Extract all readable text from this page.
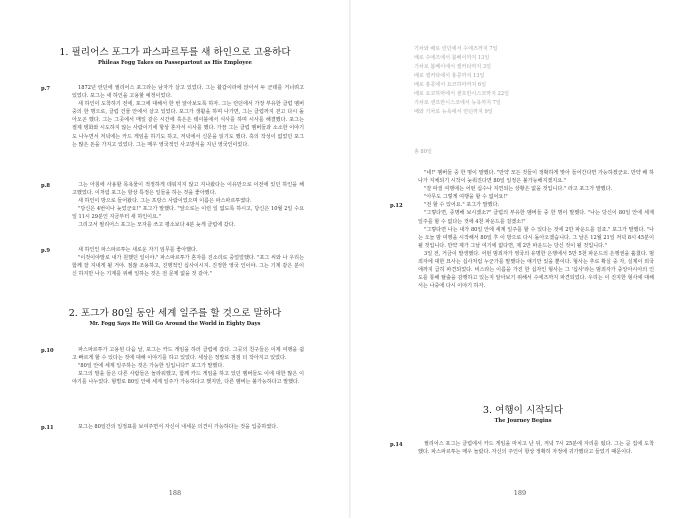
1. 필리어스 포그가 파스파르투를 새 하인으로 고용하다
Phileas Fogg Takes on Passepartout as His Employee
p.7	1872년 런던에 필리어스 포그라는 남자가 살고 있었다. 그는 활갑이라에 앉아서 두 군데를 거너려고 있었다. 포그는 새 하인을 고용할 예정이었다.

새 하인이 도착하기 전에, 포그에 대해서 한 번 알아보도록 하자. 그는 런던에서 가장 부유한 클럽 멤버 중의 한 명으로, 클럽 건물 안에서 살고 있었다. 포그가 생활을 하며 나가면, 그는 클럽까지 걷고 다시 돌아오곤 했다. 그는 그곳에서 매일 같은 시간에 혹은은 테이블에서 식사를 하며 시사를 해결했다. 포그는 절제 탱화와 시도하지 않는 사람이기에 항상 혼자서 시사를 했다. 가끔 그는 클럽 멤버들과 소소한 이야기도 나누면서 저녁에는 카드 게임을 하기도 하고, 저녁에서 신문을 읽기도 했다. 혹의 작성이 없었던 포그는 많은 돈을 가지고 있었다. 그는 매우 영국적인 사고방식을 지닌 영국인이었다.

p.8	그는 아침에 사용할 목욕물이 적정하게 데워지지 않고 지나왔다는 이유만으로 이전에 있던 하인을 해고했었다. 이처럼 포그는 항상 특정은 일들을 하는 것을 좋아했다.

새 하인이 방으로 들어왔다. 그는 프랑스 사람이었으며 이름은 파스파르투였다.

"당신은 4번이나 늦었군요!" 포그가 말했다. "앞으로는 이런 일 없도록 하시고, 당신은 10월 2일 수요일 11시 29분인 지금부터 새 하인이요."

그리고서 필리어스 포그는 모자를 쓰고 평소보다 4분 늦게 클럽에 갔다.

p.9	새 하인인 파스파르투는 새로운 자기 임무를 좋아했다.

"이것이야말로 내가 원했던 일이야." 파스파르투가 혼자를 진소리로 중얼얼했다. "포그 씨와 나 우리는 함께 잘 지내게 될 거야. 점잖 조용하고, 진행적인 십사이시지. 진정한 영국 인이야. 그는 기계 같은 분이신 하지만 나는 기계를 위해 일하는 것은 전 문제 없을 것 같아."

2. 포그가 80일 동안 세계 일주를 할 것으로 말하다
Mr. Fogg Says He Will Go Around the World in Eighty Days
p.10	파스파르투가 고용된 다음 날, 포그는 카드 게임을 하러 클럽에 갔다. 그곳의 친구들은 이제 여행을 쉽고 빠르게 할 수 있다는 것에 대해 이야기를 하고 있었다. 세상은 정말로 점점 더 작아지고 있었다.

"80일 안에 세계 일주하는 것은 가능한 일입니다!" 포그가 말했다.

포그의 말을 들은 다른 사람들은 놀라워했고, 함께 카드 게임을 하고 있던 멤버들도 이에 대한 많은 이야기를 나누었다. 형벌로 80일 안에 세계 일주가 가능하다고 했지만, 다른 멤버는 불가능하다고 말했다.

p.11	포그는 80일간의 일정표를 보여주면서 자신이 내세운 의견이 가능하다는 것을 입증하였다.

188
기차와 배로 런던에서 수에즈까지 7일
배로 수에즈에서 봄베이까지 13일
기차로 봄베이에서 캘커타까지 3일
배로 캘커타에서 홍콩까지 13일
배로 홍콩에서 요코하마까지 6일
배로 요코하마에서 샌프란시스코까지 22일
기차로 샌프란시스코에서 뉴욕까지 7일
배와 기차로 뉴욕에서 런던까지 9일
총 80일
p.12

"네!" 멤버들 중 한 명이 말했다. "만약 모든 것들이 정확하게 맞아 들어간다면 가능하겠군요. 만약 배 하나가 지체되기 시작이 늦춰진다면 80일 일정은 불가능해지겠지요."

"잘 따질 여행에는 어떤 십수나 지연되는 상황은 없을 것입니다." 라고 포그가 말했다.

"아무도 그렇게 여행을 할 수 없어요!"

"전 할 수 있어요." 포그가 말했다.

"그렇다면, 증명해 보시겠소?" 클럽의 부유한 멤버들 중 한 명이 말했다. "나는 당신이 80일 안에 세계 일주를 할 수 없다는 것에 4천 파운드를 걸겠소!"

"그렇다면 나는 내가 80일 안에 세계 일주를 할 수 있다는 것에 2만 파운드를 걸죠." 포그가 말했다. "나는 오늘 밤 여행을 시작해서 80일 후 이 방으로 다시 돌아오겠습니다. 그 날은 12월 21일 저녁 8시 45분이 될 것입니다. 만약 제가 그날 여기에 없다면, 제 2만 파운드는 당신 것이 될 것입니다."

3일 전, 거금이 발생했다. 어떤 범죄자가 영국의 유명한 은행에서 5만 5천 파운드의 은행권을 훔쳤다. 범죄자에 대한 묘사는 십사처럼 누군가를 말했다는 얘기만 있을 뿐이다. 형사는 추로 확실 중 자, 실제이 외국에까지 급히 파견되었다. 비스라는 이름을 가진 한 십자인 형사는 그 '십사'라는 범죄자가 중앙아시아의 인도를 통해 탈출을 감행하고 있는지 알아보기 위해서 수에즈까지 파견되었다. 우리는 이 진지한 형사에 대해서는 나중에 다시 이야기 하자.

3. 여행이 시작되다
The Journey Begins
p.14	필리어스 포그는 클럽에서 카드 게임을 마치고 난 뒤, 저녁 7시 25분에 자리를 떴다. 그는 곧 집에 도착했다. 파스파르투는 매우 놀랐다. 자신의 주인이 항상 정확히 자정에 귀가했다고 들었기 때문이다.

189
